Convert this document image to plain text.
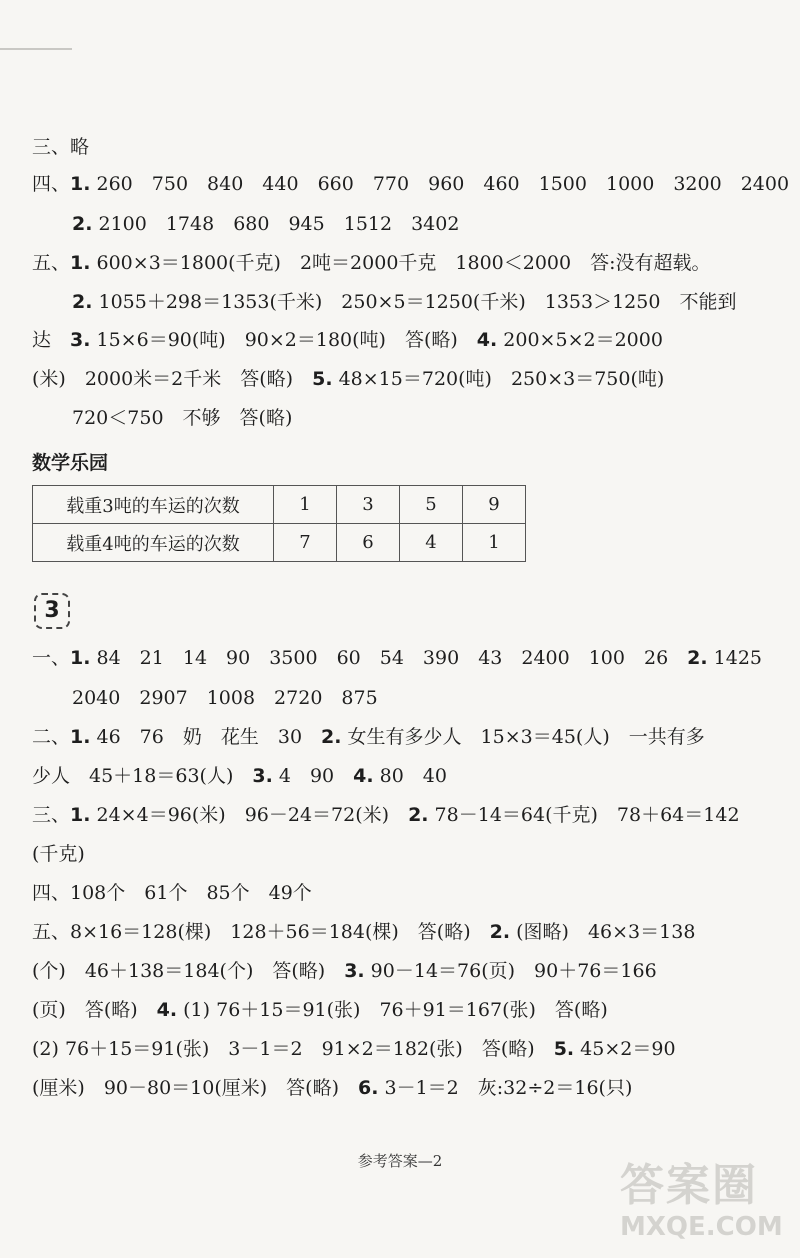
三、略
四、1. 260　750　840　440　660　770　960　460　1500　1000　3200　2400
2. 2100　1748　680　945　1512　3402
五、1. 600×3＝1800(千克)　2吨＝2000千克　1800＜2000　答:没有超载。
2. 1055＋298＝1353(千米)　250×5＝1250(千米)　1353＞1250　不能到
达　3. 15×6＝90(吨)　90×2＝180(吨)　答(略)　4. 200×5×2＝2000
(米)　2000米＝2千米　答(略)　5. 48×15＝720(吨)　250×3＝750(吨)
720＜750　不够　答(略)
一、1. 84　21　14　90　3500　60　54　390　43　2400　100　26　2. 1425
2040　2907　1008　2720　875
二、1. 46　76　奶　花生　30　2. 女生有多少人　15×3＝45(人)　一共有多
少人　45＋18＝63(人)　3. 4　90　4. 80　40
三、1. 24×4＝96(米)　96－24＝72(米)　2. 78－14＝64(千克)　78＋64＝142
(千克)
四、108个　61个　85个　49个
五、8×16＝128(棵)　128＋56＝184(棵)　答(略)　2. (图略)　46×3＝138
(个)　46＋138＝184(个)　答(略)　3. 90－14＝76(页)　90＋76＝166
(页)　答(略)　4. (1) 76＋15＝91(张)　76＋91＝167(张)　答(略)
(2) 76＋15＝91(张)　3－1＝2　91×2＝182(张)　答(略)　5. 45×2＝90
(厘米)　90－80＝10(厘米)　答(略)　6. 3－1＝2　灰:32÷2＝16(只)
数学乐园
载重3吨的车运的次数	1	3	5	9
载重4吨的车运的次数	7	6	4	1
3
参考答案—2	答案圈
MXQE.COM
